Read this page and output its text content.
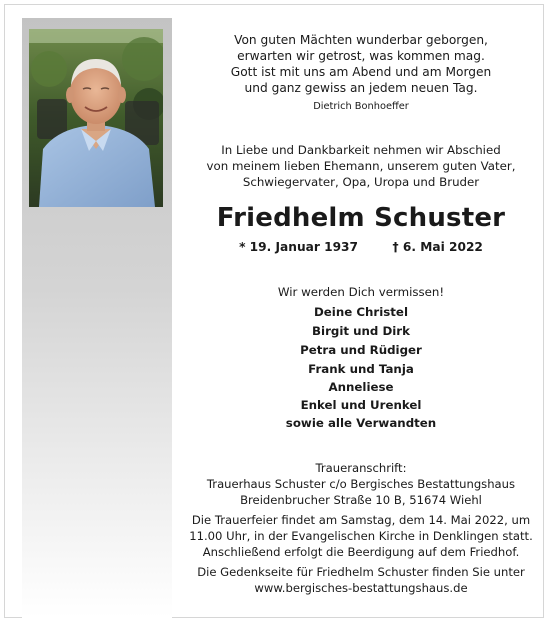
Von guten Mächten wunderbar geborgen,
erwarten wir getrost, was kommen mag.
Gott ist mit uns am Abend und am Morgen
und ganz gewiss an jedem neuen Tag.
Dietrich Bonhoeffer
In Liebe und Dankbarkeit nehmen wir Abschied
von meinem lieben Ehemann, unserem guten Vater,
Schwiegervater, Opa, Uropa und Bruder
Friedhelm Schuster
* 19. Januar 1937	† 6. Mai 2022
Wir werden Dich vermissen!
Deine Christel
Birgit und Dirk
Petra und Rüdiger
Frank und Tanja
Anneliese
Enkel und Urenkel
sowie alle Verwandten
Traueranschrift:
Trauerhaus Schuster c/o Bergisches Bestattungshaus
Breidenbrucher Straße 10 B, 51674 Wiehl
Die Trauerfeier findet am Samstag, dem 14. Mai 2022, um
11.00 Uhr, in der Evangelischen Kirche in Denklingen statt.
Anschließend erfolgt die Beerdigung auf dem Friedhof.
Die Gedenkseite für Friedhelm Schuster finden Sie unter
www.bergisches-bestattungshaus.de
